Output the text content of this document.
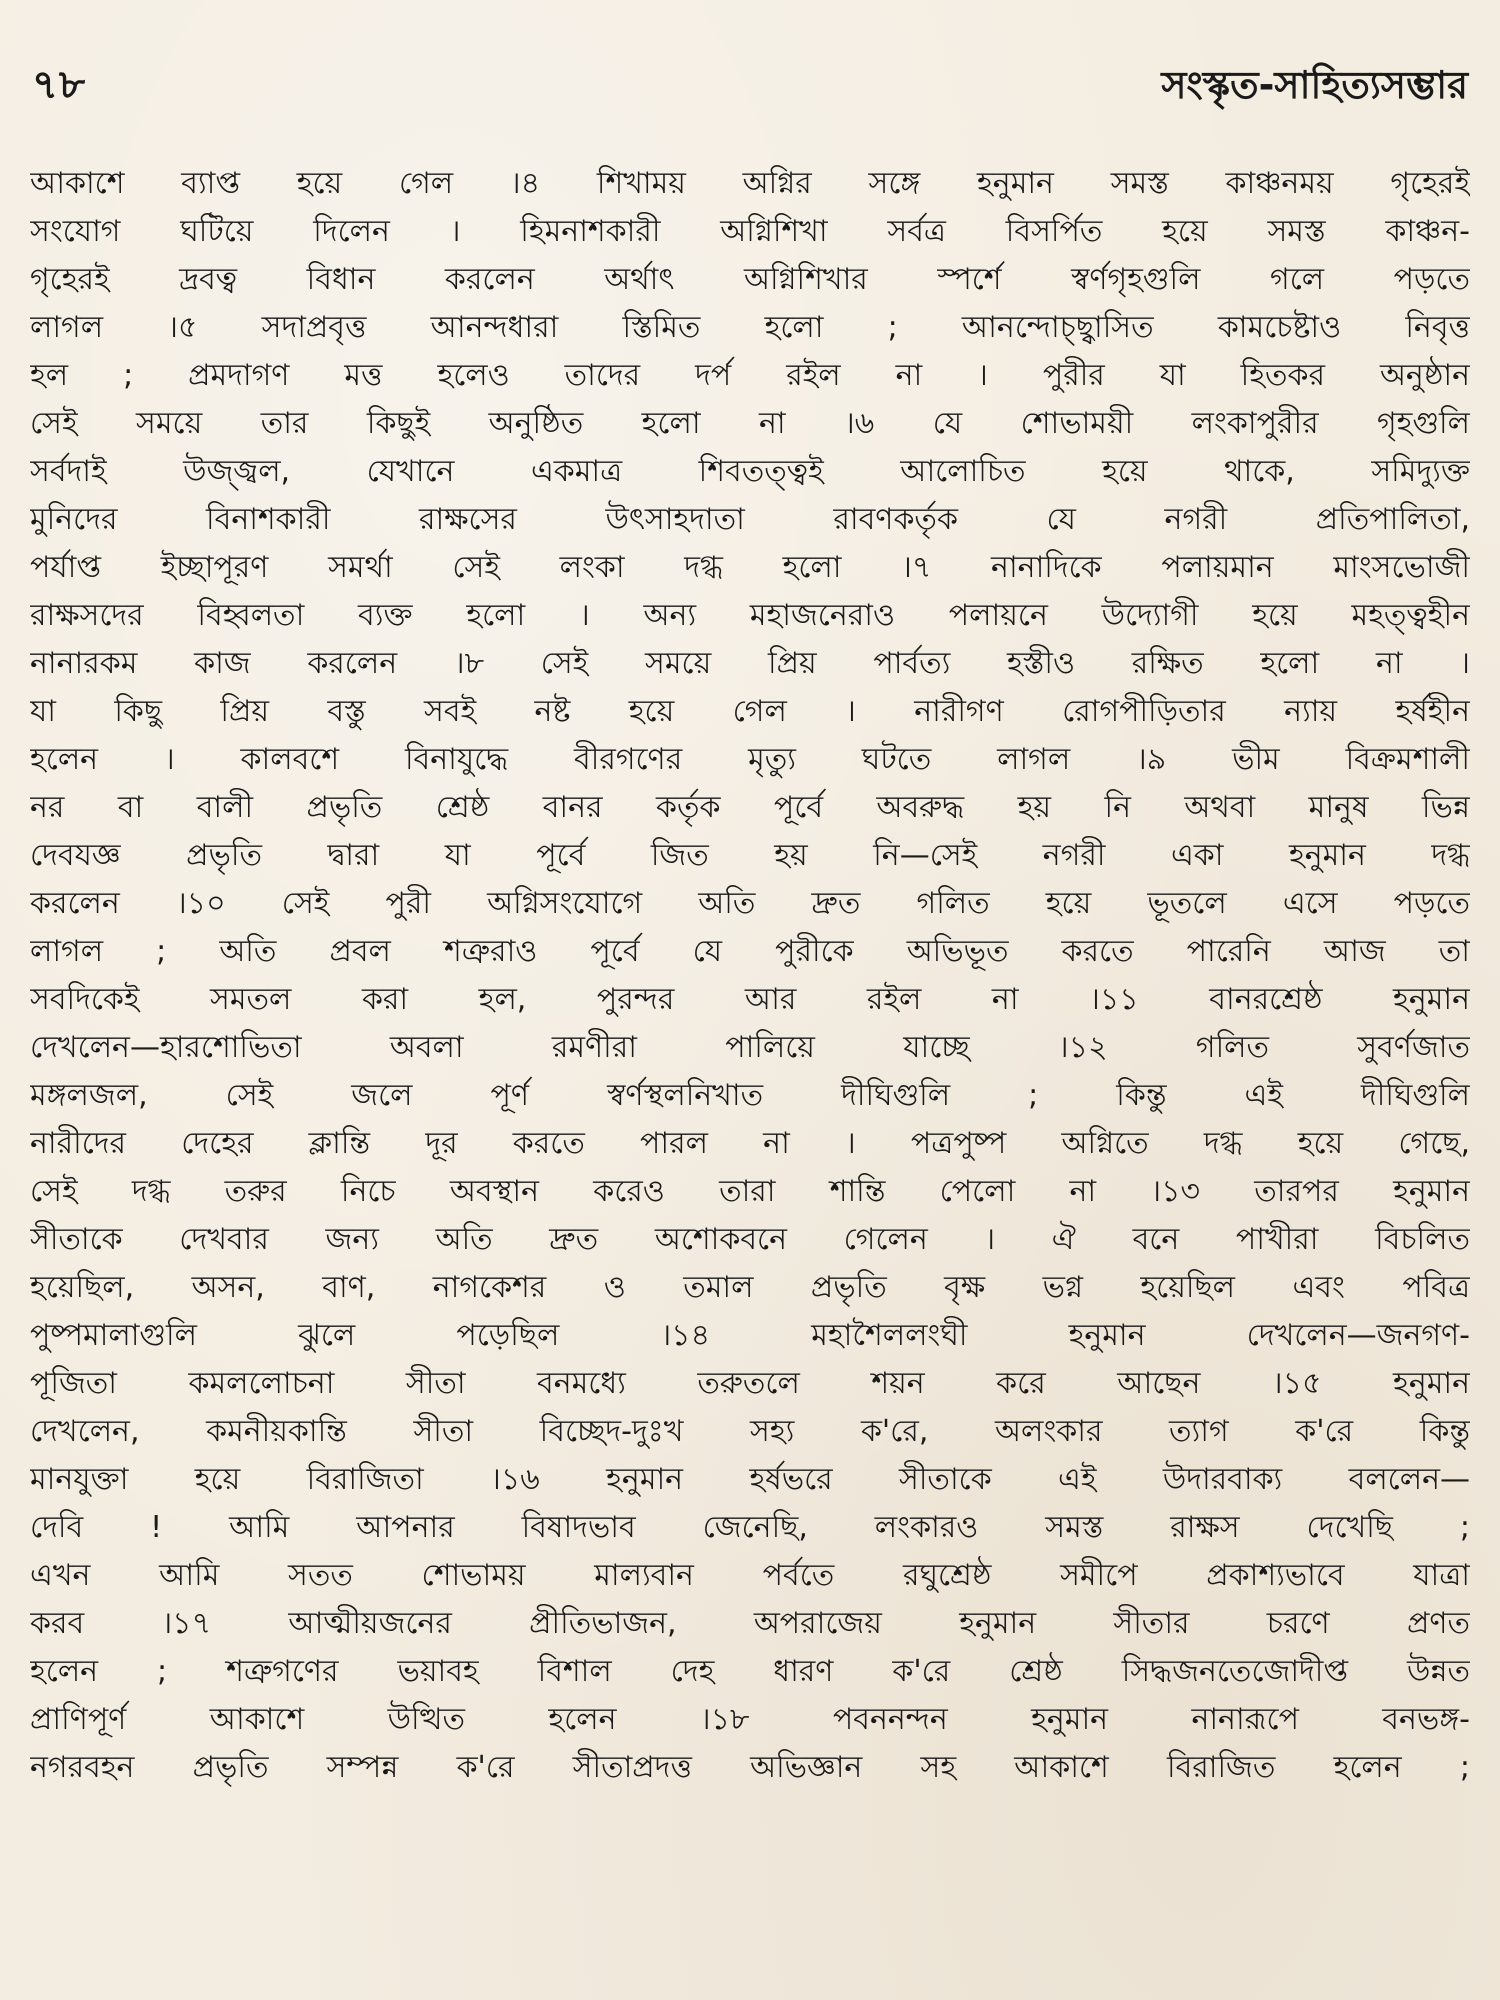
৭৮	সংস্কৃত-সাহিত্যসম্ভার
আকাশে ব্যাপ্ত হয়ে গেল ।৪ শিখাময় অগ্নির সঙ্গে হনুমান সমস্ত কাঞ্চনময় গৃহেরই
সংযোগ ঘটিয়ে দিলেন । হিমনাশকারী অগ্নিশিখা সর্বত্র বিসর্পিত হয়ে সমস্ত কাঞ্চন-
গৃহেরই দ্রবত্ব বিধান করলেন অর্থাৎ অগ্নিশিখার স্পর্শে স্বর্ণগৃহগুলি গলে পড়তে
লাগল ।৫ সদাপ্রবৃত্ত আনন্দধারা স্তিমিত হলো ; আনন্দোচ্ছ্বাসিত কামচেষ্টাও নিবৃত্ত
হল ; প্রমদাগণ মত্ত হলেও তাদের দর্প রইল না । পুরীর যা হিতকর অনুষ্ঠান
সেই সময়ে তার কিছুই অনুষ্ঠিত হলো না ।৬ যে শোভাময়ী লংকাপুরীর গৃহগুলি
সর্বদাই উজ্জ্বল, যেখানে একমাত্র শিবতত্ত্বই আলোচিত হয়ে থাকে, সমিদ্যুক্ত
মুনিদের বিনাশকারী রাক্ষসের উৎসাহদাতা রাবণকর্তৃক যে নগরী প্রতিপালিতা,
পর্যাপ্ত ইচ্ছাপূরণ সমর্থা সেই লংকা দগ্ধ হলো ।৭ নানাদিকে পলায়মান মাংসভোজী
রাক্ষসদের বিহ্বলতা ব্যক্ত হলো । অন্য মহাজনেরাও পলায়নে উদ্যোগী হয়ে মহত্ত্বহীন
নানারকম কাজ করলেন ।৮ সেই সময়ে প্রিয় পার্বত্য হস্তীও রক্ষিত হলো না ।
যা কিছু প্রিয় বস্তু সবই নষ্ট হয়ে গেল । নারীগণ রোগপীড়িতার ন্যায় হর্ষহীন
হলেন । কালবশে বিনাযুদ্ধে বীরগণের মৃত্যু ঘটতে লাগল ।৯ ভীম বিক্রমশালী
নর বা বালী প্রভৃতি শ্রেষ্ঠ বানর কর্তৃক পূর্বে অবরুদ্ধ হয় নি অথবা মানুষ ভিন্ন
দেবযজ্ঞ প্রভৃতি দ্বারা যা পূর্বে জিত হয় নি—সেই নগরী একা হনুমান দগ্ধ
করলেন ।১০ সেই পুরী অগ্নিসংযোগে অতি দ্রুত গলিত হয়ে ভূতলে এসে পড়তে
লাগল ; অতি প্রবল শত্রুরাও পূর্বে যে পুরীকে অভিভূত করতে পারেনি আজ তা
সবদিকেই সমতল করা হল, পুরন্দর আর রইল না ।১১ বানরশ্রেষ্ঠ হনুমান
দেখলেন—হারশোভিতা অবলা রমণীরা পালিয়ে যাচ্ছে ।১২ গলিত সুবর্ণজাত
মঙ্গলজল, সেই জলে পূর্ণ স্বর্ণস্থলনিখাত দীঘিগুলি ; কিন্তু এই দীঘিগুলি
নারীদের দেহের ক্লান্তি দূর করতে পারল না । পত্রপুষ্প অগ্নিতে দগ্ধ হয়ে গেছে,
সেই দগ্ধ তরুর নিচে অবস্থান করেও তারা শান্তি পেলো না ।১৩ তারপর হনুমান
সীতাকে দেখবার জন্য অতি দ্রুত অশোকবনে গেলেন । ঐ বনে পাখীরা বিচলিত
হয়েছিল, অসন, বাণ, নাগকেশর ও তমাল প্রভৃতি বৃক্ষ ভগ্ন হয়েছিল এবং পবিত্র
পুষ্পমালাগুলি ঝুলে পড়েছিল ।১৪ মহাশৈললংঘী হনুমান দেখলেন—জনগণ-
পূজিতা কমললোচনা সীতা বনমধ্যে তরুতলে শয়ন করে আছেন ।১৫ হনুমান
দেখলেন, কমনীয়কান্তি সীতা বিচ্ছেদ-দুঃখ সহ্য ক'রে, অলংকার ত্যাগ ক'রে কিন্তু
মানযুক্তা হয়ে বিরাজিতা ।১৬ হনুমান হর্ষভরে সীতাকে এই উদারবাক্য বললেন—
দেবি ! আমি আপনার বিষাদভাব জেনেছি, লংকারও সমস্ত রাক্ষস দেখেছি ;
এখন আমি সতত শোভাময় মাল্যবান পর্বতে রঘুশ্রেষ্ঠ সমীপে প্রকাশ্যভাবে যাত্রা
করব ।১৭ আত্মীয়জনের প্রীতিভাজন, অপরাজেয় হনুমান সীতার চরণে প্রণত
হলেন ; শত্রুগণের ভয়াবহ বিশাল দেহ ধারণ ক'রে শ্রেষ্ঠ সিদ্ধজনতেজোদীপ্ত উন্নত
প্রাণিপূর্ণ আকাশে উত্থিত হলেন ।১৮ পবননন্দন হনুমান নানারূপে বনভঙ্গ-
নগরবহন প্রভৃতি সম্পন্ন ক'রে সীতাপ্রদত্ত অভিজ্ঞান সহ আকাশে বিরাজিত হলেন ;
